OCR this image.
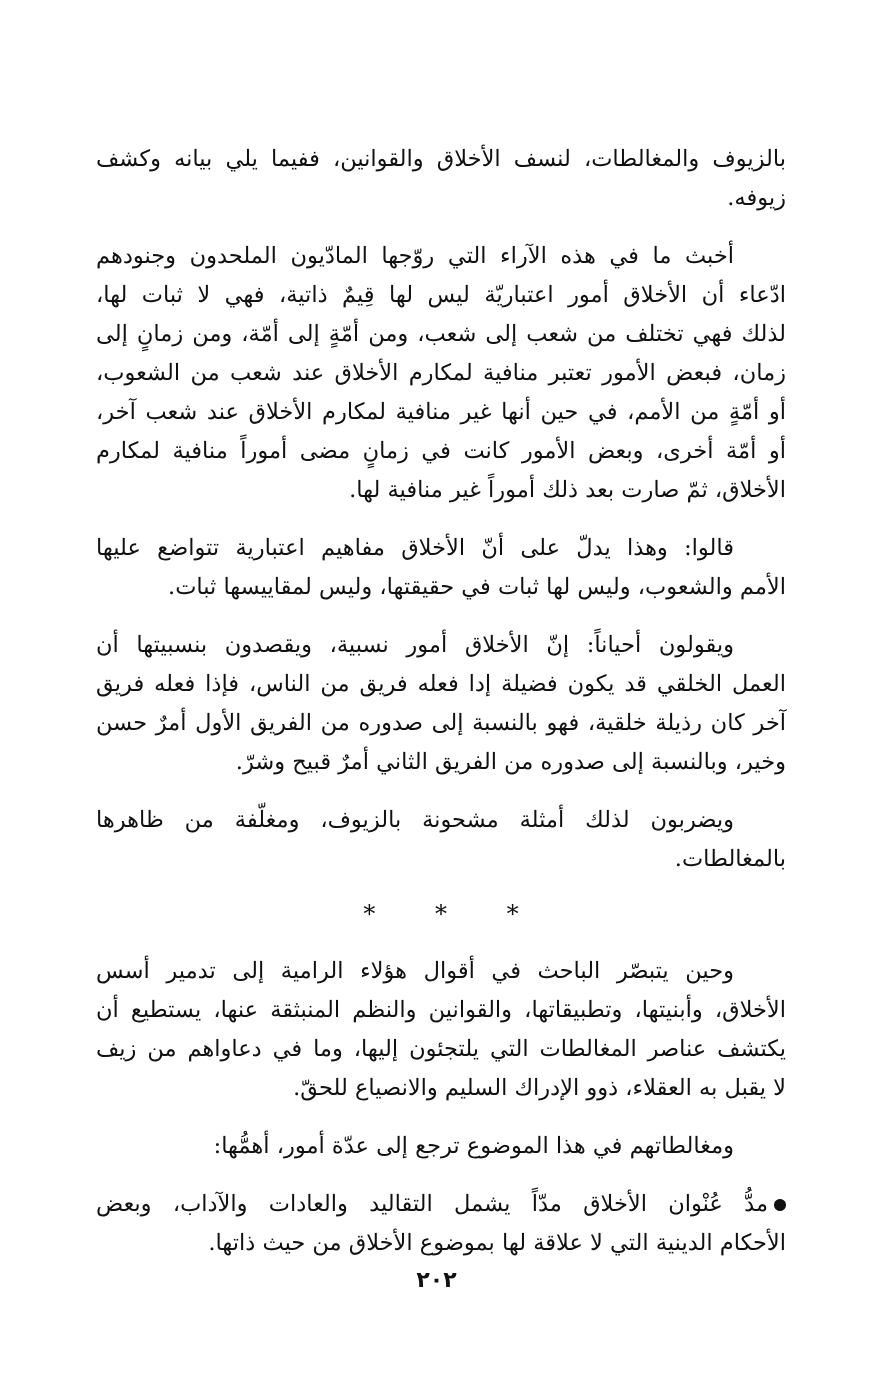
بالزيوف والمغالطات، لنسف الأخلاق والقوانين، ففيما يلي بيانه وكشف
زيوفه.
أخبث ما في هذه الآراء التي روّجها المادّيون الملحدون وجنودهم
ادّعاء أن الأخلاق أمور اعتباريّة ليس لها قِيمٌ ذاتية، فهي لا ثبات لها،
لذلك فهي تختلف من شعب إلى شعب، ومن أمّةٍ إلى أمّة، ومن زمانٍ إلى
زمان، فبعض الأمور تعتبر منافية لمكارم الأخلاق عند شعب من الشعوب،
أو أمّةٍ من الأمم، في حين أنها غير منافية لمكارم الأخلاق عند شعب آخر،
أو أمّة أخرى، وبعض الأمور كانت في زمانٍ مضى أموراً منافية لمكارم
الأخلاق، ثمّ صارت بعد ذلك أموراً غير منافية لها.
قالوا: وهذا يدلّ على أنّ الأخلاق مفاهيم اعتبارية تتواضع عليها
الأمم والشعوب، وليس لها ثبات في حقيقتها، وليس لمقاييسها ثبات.
ويقولون أحياناً: إنّ الأخلاق أمور نسبية، ويقصدون بنسبيتها أن
العمل الخلقي قد يكون فضيلة إدا فعله فريق من الناس، فإذا فعله فريق
آخر كان رذيلة خلقية، فهو بالنسبة إلى صدوره من الفريق الأول أمرٌ حسن
وخير، وبالنسبة إلى صدوره من الفريق الثاني أمرٌ قبيح وشرّ.
ويضربون لذلك أمثلة مشحونة بالزيوف، ومغلّفة من ظاهرها
بالمغالطات.
* * *
وحين يتبصّر الباحث في أقوال هؤلاء الرامية إلى تدمير أسس
الأخلاق، وأبنيتها، وتطبيقاتها، والقوانين والنظم المنبثقة عنها، يستطيع أن
يكتشف عناصر المغالطات التي يلتجئون إليها، وما في دعاواهم من زيف
لا يقبل به العقلاء، ذوو الإدراك السليم والانصياع للحقّ.
ومغالطاتهم في هذا الموضوع ترجع إلى عدّة أمور، أهمُّها:
مدُّ عُنْوان الأخلاق مدّاً يشمل التقاليد والعادات والآداب، وبعض
الأحكام الدينية التي لا علاقة لها بموضوع الأخلاق من حيث ذاتها.
٢٠٢
